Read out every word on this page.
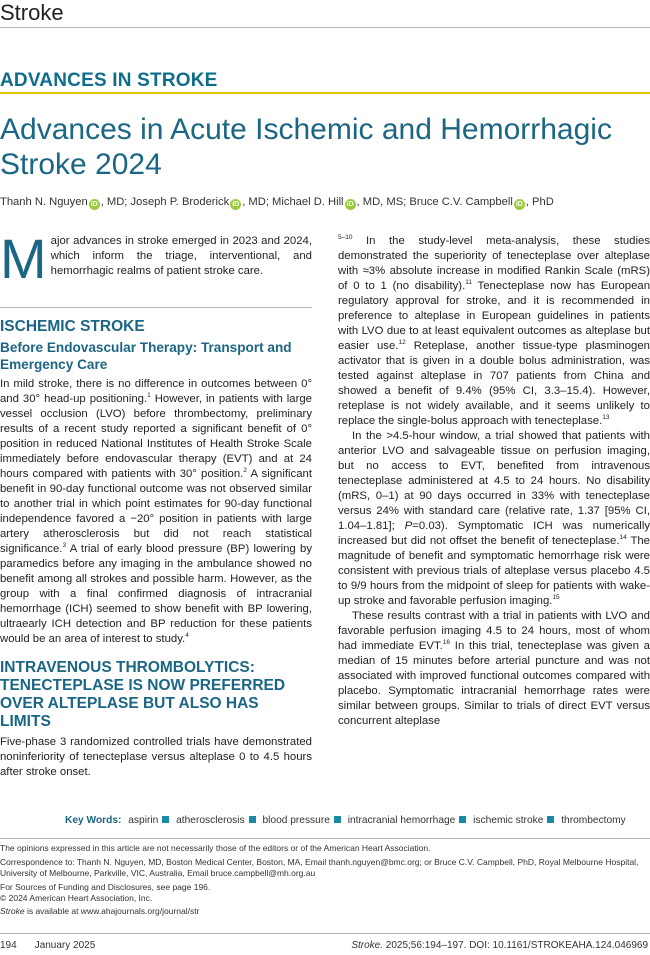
Stroke
ADVANCES IN STROKE
Advances in Acute Ischemic and Hemorrhagic Stroke 2024
Thanh N. Nguyen iD , MD; Joseph P. Broderick iD , MD; Michael D. Hill iD , MD, MS; Bruce C.V. Campbell iD , PhD
M ajor advances in stroke emerged in 2023 and 2024, which inform the triage, interventional, and hemorrhagic realms of patient stroke care.

ISCHEMIC STROKE
Before Endovascular Therapy: Transport and Emergency Care

In mild stroke, there is no difference in outcomes between 0° and 30° head-up positioning.$^1$ However, in patients with large vessel occlusion (LVO) before thrombectomy, preliminary results of a recent study reported a significant benefit of 0° position in reduced National Institutes of Health Stroke Scale immediately before endovascular therapy (EVT) and at 24 hours compared with patients with 30° position.$^2$ A significant benefit in 90-day functional outcome was not observed similar to another trial in which point estimates for 90-day functional independence favored a −20° position in patients with large artery atherosclerosis but did not reach statistical significance.$^3$ A trial of early blood pressure (BP) lowering by paramedics before any imaging in the ambulance showed no benefit among all strokes and possible harm. However, as the group with a final confirmed diagnosis of intracranial hemorrhage (ICH) seemed to show benefit with BP lowering, ultraearly ICH detection and BP reduction for these patients would be an area of interest to study.$^4$

INTRAVENOUS THROMBOLYTICS: TENECTEPLASE IS NOW PREFERRED OVER ALTEPLASE BUT ALSO HAS LIMITS

Five-phase 3 randomized controlled trials have demonstrated noninferiority of tenecteplase versus alteplase 0 to 4.5 hours after stroke onset.

$^{5-10}$ In the study-level meta-analysis, these studies demonstrated the superiority of tenecteplase over alteplase with ≈3% absolute increase in modified Rankin Scale (mRS) of 0 to 1 (no disability).$^{11}$ Tenecteplase now has European regulatory approval for stroke, and it is recommended in preference to alteplase in European guidelines in patients with LVO due to at least equivalent outcomes as alteplase but easier use.$^{12}$ Reteplase, another tissue-type plasminogen activator that is given in a double bolus administration, was tested against alteplase in 707 patients from China and showed a benefit of 9.4% (95% CI, 3.3–15.4). However, reteplase is not widely available, and it seems unlikely to replace the single-bolus approach with tenecteplase.$^{13}$

In the >4.5-hour window, a trial showed that patients with anterior LVO and salvageable tissue on perfusion imaging, but no access to EVT, benefited from intravenous tenecteplase administered at 4.5 to 24 hours. No disability (mRS, 0–1) at 90 days occurred in 33% with tenecteplase versus 24% with standard care (relative rate, 1.37 [95% CI, 1.04–1.81]; P=0.03). Symptomatic ICH was numerically increased but did not offset the benefit of tenecteplase.$^{14}$ The magnitude of benefit and symptomatic hemorrhage risk were consistent with previous trials of alteplase versus placebo 4.5 to 9/9 hours from the midpoint of sleep for patients with wake-up stroke and favorable perfusion imaging.$^{15}$

These results contrast with a trial in patients with LVO and favorable perfusion imaging 4.5 to 24 hours, most of whom had immediate EVT.$^{16}$ In this trial, tenecteplase was given a median of 15 minutes before arterial puncture and was not associated with improved functional outcomes compared with placebo. Symptomatic intracranial hemorrhage rates were similar between groups. Similar to trials of direct EVT versus concurrent alteplase

Key Words: aspirin atherosclerosis blood pressure intracranial hemorrhage ischemic stroke thrombectomy
The opinions expressed in this article are not necessarily those of the editors or of the American Heart Association.
Correspondence to: Thanh N. Nguyen, MD, Boston Medical Center, Boston, MA, Email thanh.nguyen@bmc.org; or Bruce C.V. Campbell, PhD, Royal Melbourne Hospital, University of Melbourne, Parkville, VIC, Australia, Email bruce.campbell@mh.org.au
For Sources of Funding and Disclosures, see page 196.
© 2024 American Heart Association, Inc.
Stroke is available at www.ahajournals.org/journal/str
194 January 2025	Stroke. 2025;56:194–197. DOI: 10.1161/STROKEAHA.124.046969
